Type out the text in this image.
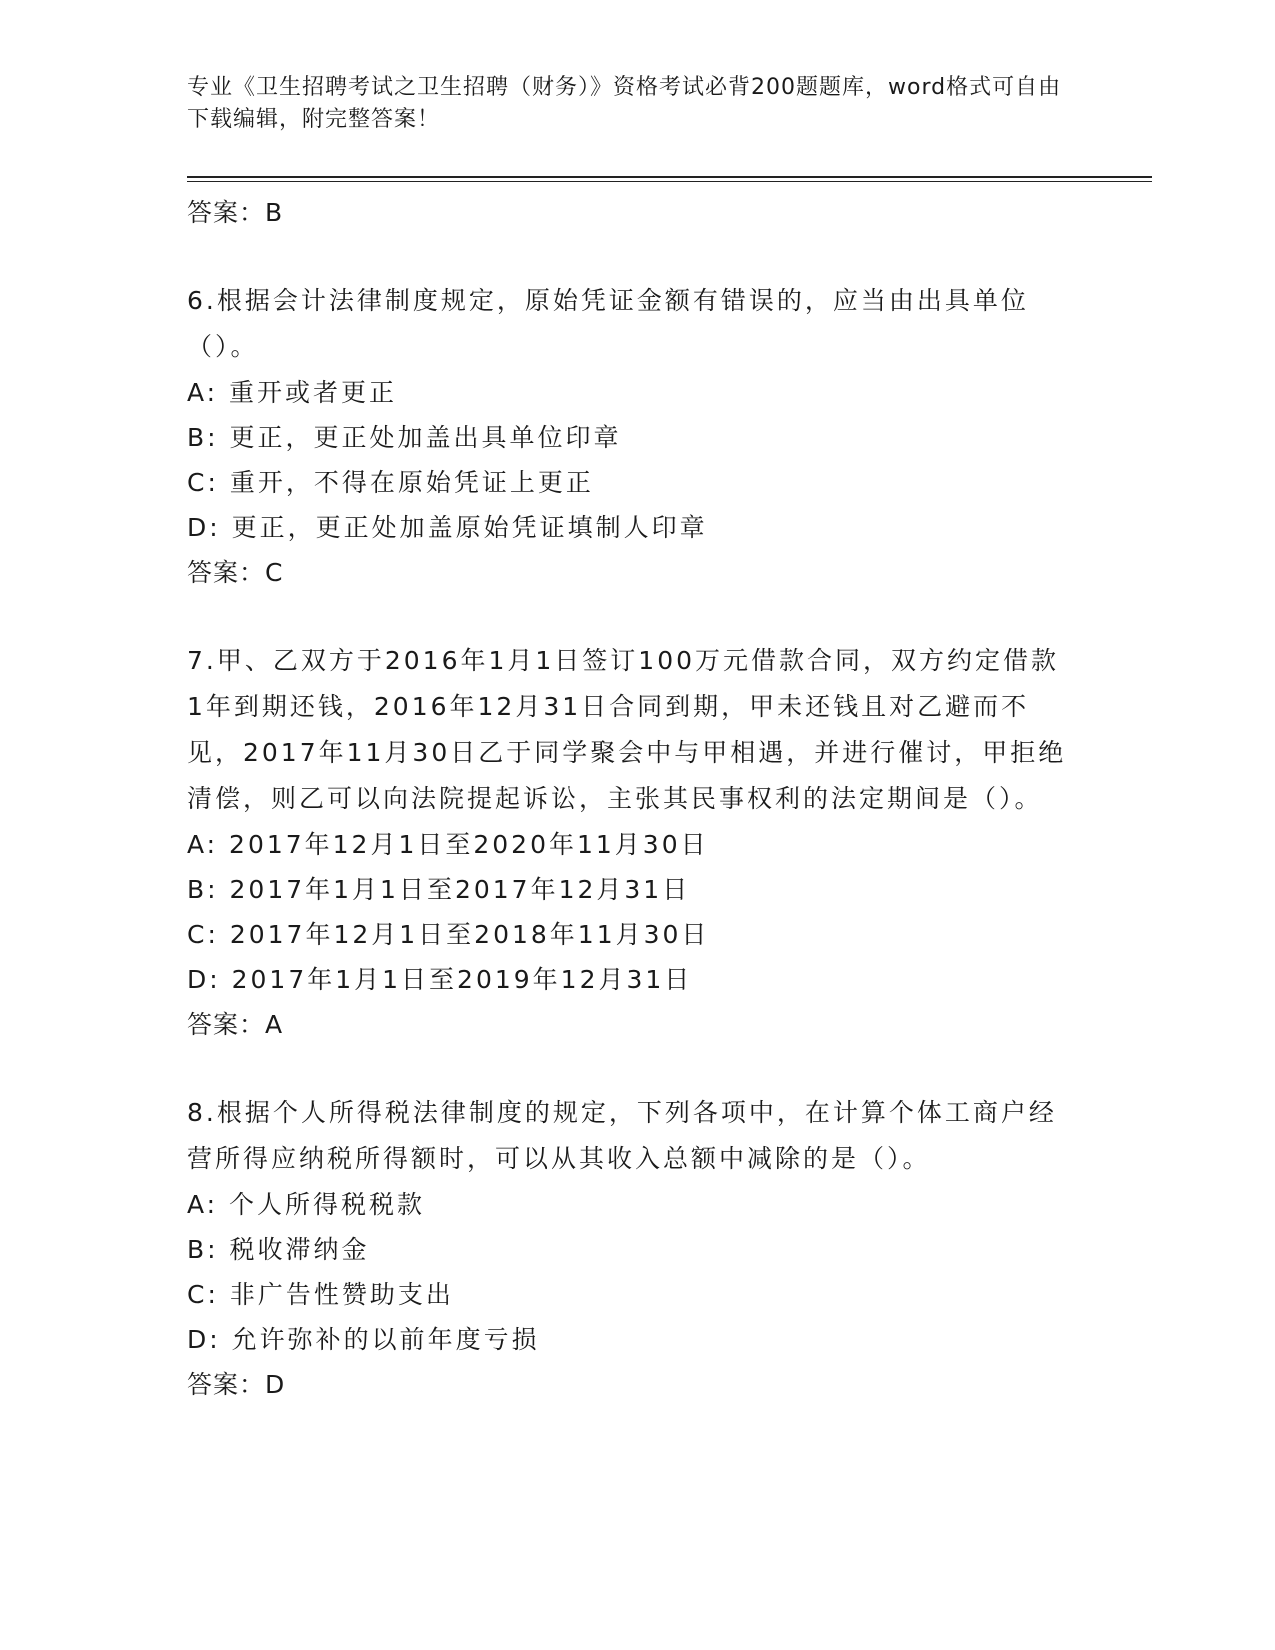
专业《卫生招聘考试之卫生招聘（财务）》资格考试必背200题题库，word格式可自由下载编辑，附完整答案！

答案：B

6.根据会计法律制度规定，原始凭证金额有错误的，应当由出具单位（）。

A: 重开或者更正

B: 更正，更正处加盖出具单位印章

C: 重开，不得在原始凭证上更正

D: 更正，更正处加盖原始凭证填制人印章

答案：C

7.甲、乙双方于2016年1月1日签订100万元借款合同，双方约定借款1年到期还钱，2016年12月31日合同到期，甲未还钱且对乙避而不见，2017年11月30日乙于同学聚会中与甲相遇，并进行催讨，甲拒绝清偿，则乙可以向法院提起诉讼，主张其民事权利的法定期间是（）。

A: 2017年12月1日至2020年11月30日

B: 2017年1月1日至2017年12月31日

C: 2017年12月1日至2018年11月30日

D: 2017年1月1日至2019年12月31日

答案：A

8.根据个人所得税法律制度的规定，下列各项中，在计算个体工商户经营所得应纳税所得额时，可以从其收入总额中减除的是（）。

A: 个人所得税税款

B: 税收滞纳金

C: 非广告性赞助支出

D: 允许弥补的以前年度亏损

答案：D
